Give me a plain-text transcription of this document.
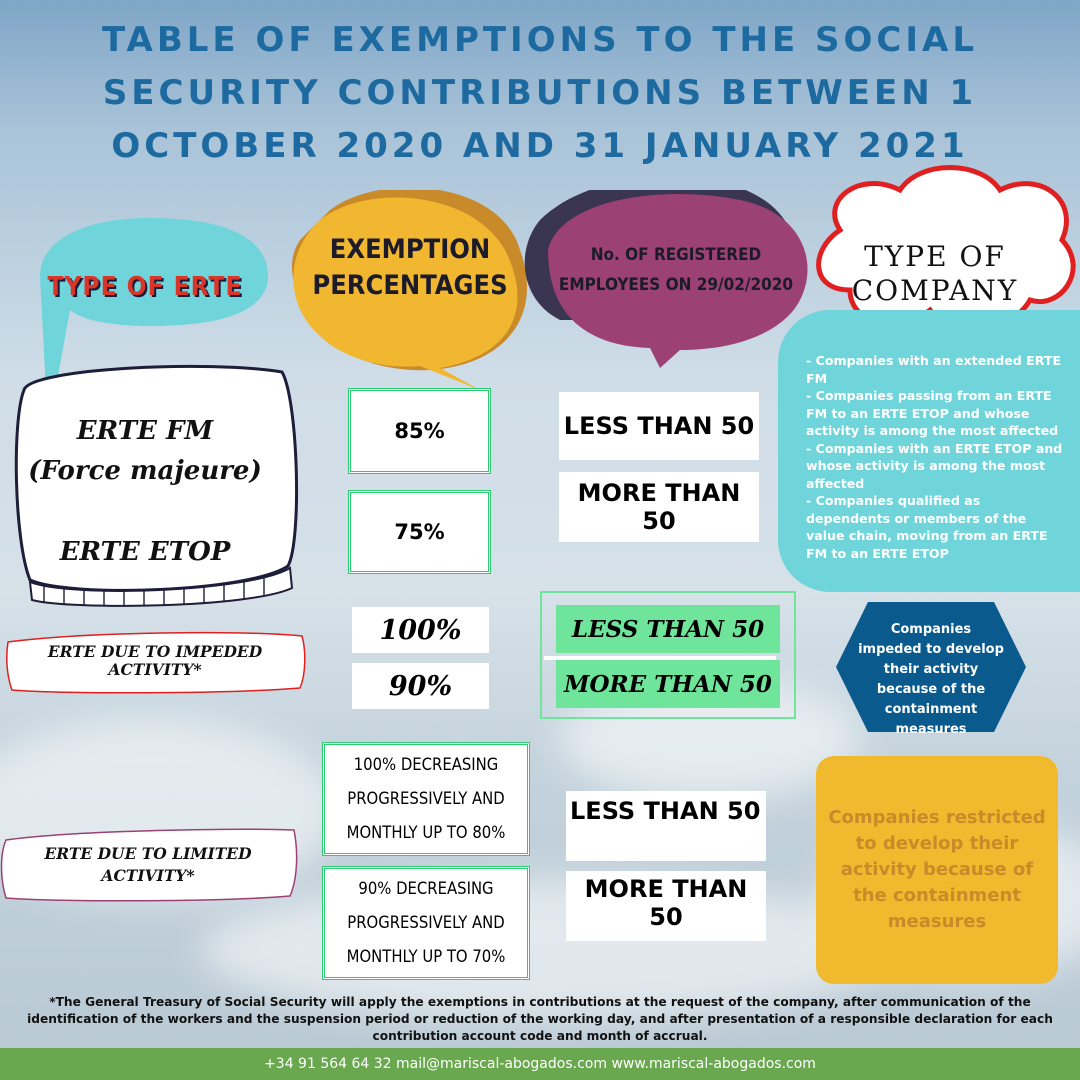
TABLE OF EXEMPTIONS TO THE SOCIAL SECURITY CONTRIBUTIONS BETWEEN 1 OCTOBER 2020 AND 31 JANUARY 2021
TYPE OF ERTE
EXEMPTION PERCENTAGES
No. OF REGISTERED EMPLOYEES ON 29/02/2020
TYPE OF COMPANY
ERTE FM
(Force majeure)
ERTE ETOP
85%
75%
LESS THAN 50
MORE THAN 50
- Companies with an extended ERTE FM
- Companies passing from an ERTE FM to an ERTE ETOP and whose activity is among the most affected
- Companies with an ERTE ETOP and whose activity is among the most affected
- Companies qualified as dependents or members of the value chain, moving from an ERTE FM to an ERTE ETOP
ERTE DUE TO IMPEDED ACTIVITY*
100%
90%
LESS THAN 50
MORE THAN 50
Companies impeded to develop their activity because of the containment measures
ERTE DUE TO LIMITED ACTIVITY*
100% DECREASING PROGRESSIVELY AND MONTHLY UP TO 80%
90% DECREASING PROGRESSIVELY AND MONTHLY UP TO 70%
LESS THAN 50
MORE THAN 50
Companies restricted to develop their activity because of the containment measures
*The General Treasury of Social Security will apply the exemptions in contributions at the request of the company, after communication of the identification of the workers and the suspension period or reduction of the working day, and after presentation of a responsible declaration for each contribution account code and month of accrual.
+34 91 564 64 32 mail@mariscal-abogados.com www.mariscal-abogados.com
